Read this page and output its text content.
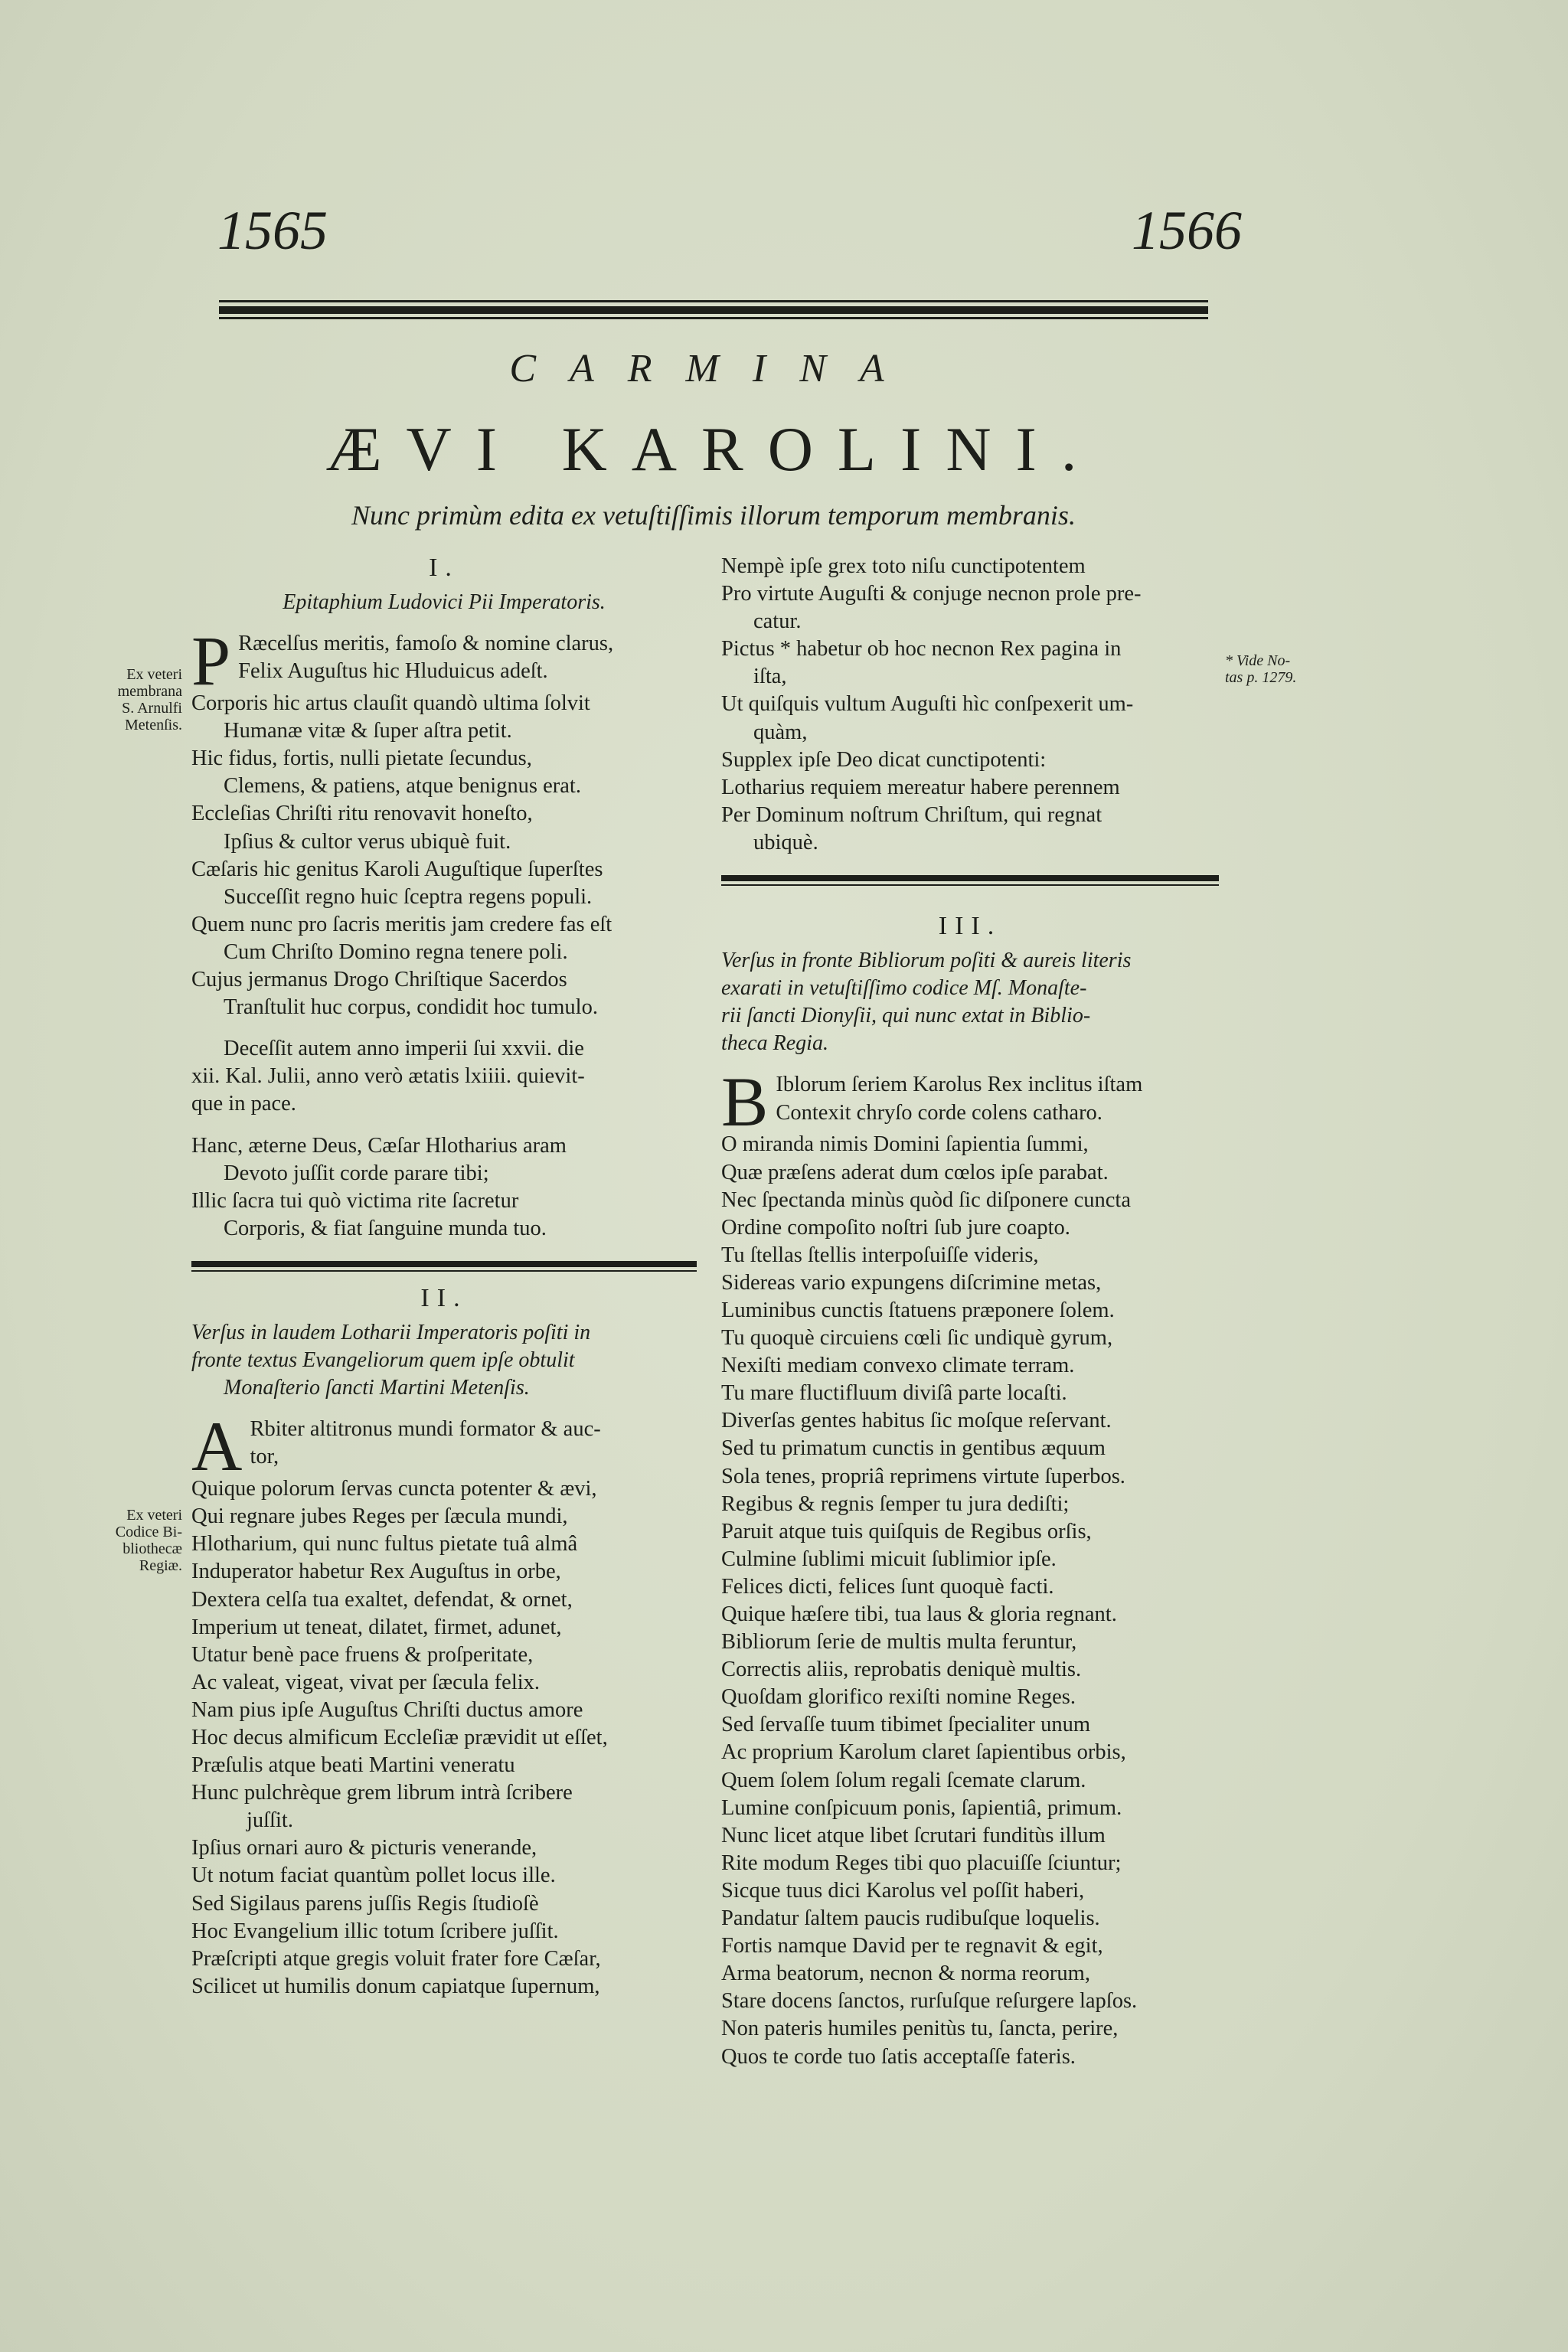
1565	1566
CARMINA
ÆVI KAROLINI.
Nunc primùm edita ex vetuſtiſſimis illorum temporum membranis.
Ex veteri
membrana
S. Arnulfi
Metenſis.
Ex veteri
Codice Bi-
bliothecæ
Regiæ.
* Vide No-
tas p. 1279.
I.
Epitaphium Ludovici Pii Imperatoris.
P Ræcelſus meritis, famoſo & nomine clarus,
Felix Auguſtus hic Hluduicus adeſt.
Corporis hic artus clauſit quandò ultima ſolvit
Humanæ vitæ & ſuper aſtra petit.
Hic fidus, fortis, nulli pietate ſecundus,
Clemens, & patiens, atque benignus erat.
Eccleſias Chriſti ritu renovavit honeſto,
Ipſius & cultor verus ubiquè fuit.
Cæſaris hic genitus Karoli Auguſtique ſuperſtes
Succeſſit regno huic ſceptra regens populi.
Quem nunc pro ſacris meritis jam credere fas eſt
Cum Chriſto Domino regna tenere poli.
Cujus jermanus Drogo Chriſtique Sacerdos
Tranſtulit huc corpus, condidit hoc tumulo.
Deceſſit autem anno imperii ſui xxvii. die
xii. Kal. Julii, anno verò ætatis lxiiii. quievit-
que in pace.
Hanc, æterne Deus, Cæſar Hlotharius aram
Devoto juſſit corde parare tibi;
Illic ſacra tui quò victima rite ſacretur
Corporis, & fiat ſanguine munda tuo.
II.
Verſus in laudem Lotharii Imperatoris poſiti in
fronte textus Evangeliorum quem ipſe obtulit
Monaſterio ſancti Martini Metenſis.
A Rbiter altitronus mundi formator & auc-
tor,
Quique polorum ſervas cuncta potenter & ævi,
Qui regnare jubes Reges per ſæcula mundi,
Hlotharium, qui nunc fultus pietate tuâ almâ
Induperator habetur Rex Auguſtus in orbe,
Dextera celſa tua exaltet, defendat, & ornet,
Imperium ut teneat, dilatet, firmet, adunet,
Utatur benè pace fruens & proſperitate,
Ac valeat, vigeat, vivat per ſæcula felix.
Nam pius ipſe Auguſtus Chriſti ductus amore
Hoc decus almificum Eccleſiæ prævidit ut eſſet,
Præſulis atque beati Martini veneratu
Hunc pulchrèque grem librum intrà ſcribere
juſſit.
Ipſius ornari auro & picturis venerande,
Ut notum faciat quantùm pollet locus ille.
Sed Sigilaus parens juſſis Regis ſtudioſè
Hoc Evangelium illic totum ſcribere juſſit.
Præſcripti atque gregis voluit frater fore Cæſar,
Scilicet ut humilis donum capiatque ſupernum,
Nempè ipſe grex toto niſu cunctipotentem
Pro virtute Auguſti & conjuge necnon prole pre-
catur.
Pictus * habetur ob hoc necnon Rex pagina in
iſta,
Ut quiſquis vultum Auguſti hìc conſpexerit um-
quàm,
Supplex ipſe Deo dicat cunctipotenti:
Lotharius requiem mereatur habere perennem
Per Dominum noſtrum Chriſtum, qui regnat
ubiquè.
III.
Verſus in fronte Bibliorum poſiti & aureis literis
exarati in vetuſtiſſimo codice Mſ. Monaſte-
rii ſancti Dionyſii, qui nunc extat in Biblio-
theca Regia.
B Iblorum ſeriem Karolus Rex inclitus iſtam
Contexit chryſo corde colens catharo.
O miranda nimis Domini ſapientia ſummi,
Quæ præſens aderat dum cœlos ipſe parabat.
Nec ſpectanda minùs quòd ſic diſponere cuncta
Ordine compoſito noſtri ſub jure coapto.
Tu ſtellas ſtellis interpoſuiſſe videris,
Sidereas vario expungens diſcrimine metas,
Luminibus cunctis ſtatuens præponere ſolem.
Tu quoquè circuiens cœli ſic undiquè gyrum,
Nexiſti mediam convexo climate terram.
Tu mare fluctifluum diviſâ parte locaſti.
Diverſas gentes habitus ſic moſque reſervant.
Sed tu primatum cunctis in gentibus æquum
Sola tenes, propriâ reprimens virtute ſuperbos.
Regibus & regnis ſemper tu jura dediſti;
Paruit atque tuis quiſquis de Regibus orſis,
Culmine ſublimi micuit ſublimior ipſe.
Felices dicti, felices ſunt quoquè facti.
Quique hæſere tibi, tua laus & gloria regnant.
Bibliorum ſerie de multis multa feruntur,
Correctis aliis, reprobatis deniquè multis.
Quoſdam glorifico rexiſti nomine Reges.
Sed ſervaſſe tuum tibimet ſpecialiter unum
Ac proprium Karolum claret ſapientibus orbis,
Quem ſolem ſolum regali ſcemate clarum.
Lumine conſpicuum ponis, ſapientiâ, primum.
Nunc licet atque libet ſcrutari funditùs illum
Rite modum Reges tibi quo placuiſſe ſciuntur;
Sicque tuus dici Karolus vel poſſit haberi,
Pandatur ſaltem paucis rudibuſque loquelis.
Fortis namque David per te regnavit & egit,
Arma beatorum, necnon & norma reorum,
Stare docens ſanctos, rurſuſque reſurgere lapſos.
Non pateris humiles penitùs tu, ſancta, perire,
Quos te corde tuo ſatis acceptaſſe fateris.
